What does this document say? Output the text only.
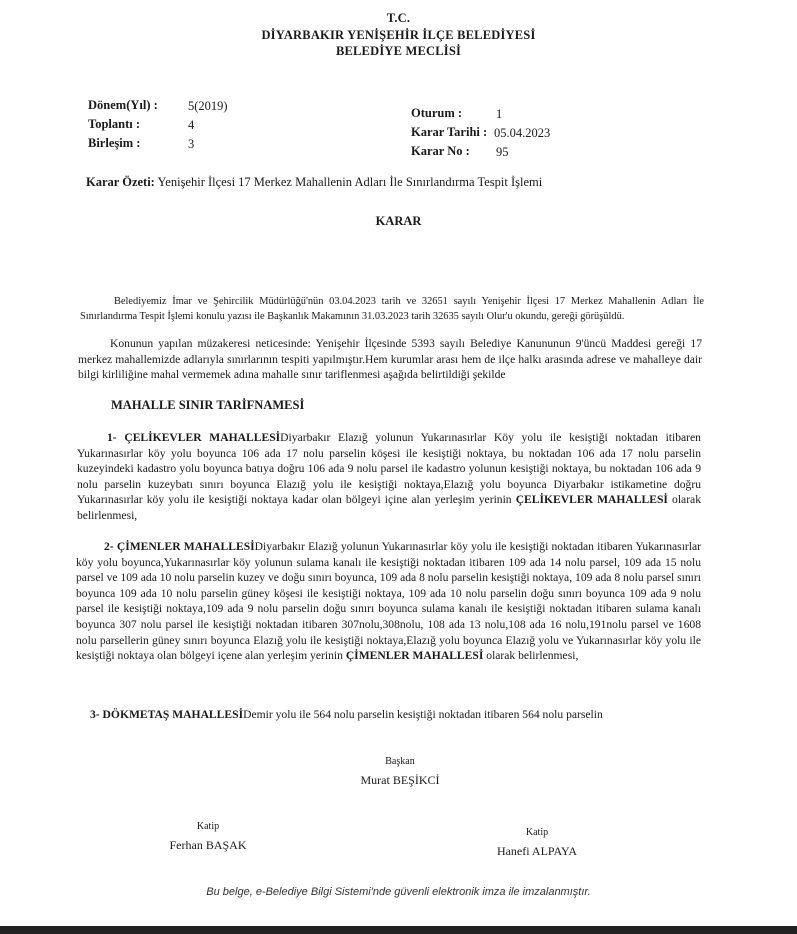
T.C.
DİYARBAKIR YENİŞEHİR İLÇE BELEDİYESİ
BELEDİYE MECLİSİ
Dönem(Yıl) : 5(2019)
Toplantı :	4
Birleşim :	3
Oturum :	1
Karar Tarihi : 05.04.2023
Karar No : 95
Karar Özeti: Yenişehir İlçesi 17 Merkez Mahallenin Adları İle Sınırlandırma Tespit İşlemi
KARAR
Belediyemiz İmar ve Şehircilik Müdürlüğü'nün 03.04.2023 tarih ve 32651 sayılı Yenişehir İlçesi 17 Merkez Mahallenin Adları İle Sınırlandırma Tespit İşlemi konulu yazısı ile Başkanlık Makamının 31.03.2023 tarih 32635 sayılı Olur'u okundu, gereği görüşüldü.
Konunun yapılan müzakeresi neticesinde: Yenişehir İlçesinde 5393 sayılı Belediye Kanununun 9'üncü Maddesi gereği 17 merkez mahallemizde adlarıyla sınırlarının tespiti yapılmıştır.Hem kurumlar arası hem de ilçe halkı arasında adrese ve mahalleye dair bilgi kirliliğine mahal vermemek adına mahalle sınır tariflenmesi aşağıda belirtildiği şekilde
MAHALLE SINIR TARİFNAMESİ
1- ÇELİKEVLER MAHALLESİDiyarbakır Elazığ yolunun Yukarınasırlar Köy yolu ile kesiştiği noktadan itibaren Yukarınasırlar köy yolu boyunca 106 ada 17 nolu parselin köşesi ile kesiştiği noktaya, bu noktadan 106 ada 17 nolu parselin kuzeyindeki kadastro yolu boyunca batıya doğru 106 ada 9 nolu parsel ile kadastro yolunun kesiştiği noktaya, bu noktadan 106 ada 9 nolu parselin kuzeybatı sınırı boyunca Elazığ yolu ile kesiştiği noktaya,Elazığ yolu boyunca Diyarbakır istikametine doğru Yukarınasırlar köy yolu ile kesiştiği noktaya kadar olan bölgeyi içine alan yerleşim yerinin ÇELİKEVLER MAHALLESİ olarak belirlenmesi,
2- ÇİMENLER MAHALLESİDiyarbakır Elazığ yolunun Yukarınasırlar köy yolu ile kesiştiği noktadan itibaren Yukarınasırlar köy yolu boyunca,Yukarınasırlar köy yolunun sulama kanalı ile kesiştiği noktadan itibaren 109 ada 14 nolu parsel, 109 ada 15 nolu parsel ve 109 ada 10 nolu parselin kuzey ve doğu sınırı boyunca, 109 ada 8 nolu parselin kesiştiği noktaya, 109 ada 8 nolu parsel sınırı boyunca 109 ada 10 nolu parselin güney köşesi ile kesiştiği noktaya, 109 ada 10 nolu parselin doğu sınırı boyunca 109 ada 9 nolu parsel ile kesiştiği noktaya,109 ada 9 nolu parselin doğu sınırı boyunca sulama kanalı ile kesiştiği noktadan itibaren sulama kanalı boyunca 307 nolu parsel ile kesiştiği noktadan itibaren 307nolu,308nolu, 108 ada 13 nolu,108 ada 16 nolu,191nolu parsel ve 1608 nolu parsellerin güney sınırı boyunca Elazığ yolu ile kesiştiği noktaya,Elazığ yolu boyunca Elazığ yolu ve Yukarınasırlar köy yolu ile kesiştiği noktaya olan bölgeyi içene alan yerleşim yerinin ÇİMENLER MAHALLESİ olarak belirlenmesi,
3- DÖKMETAŞ MAHALLESİDemir yolu ile 564 nolu parselin kesiştiği noktadan itibaren 564 nolu parselin
Başkan
Murat BEŞİKCİ
Katip
Ferhan BAŞAK
Katip
Hanefi ALPAYA
Bu belge, e-Belediye Bilgi Sistemi'nde güvenli elektronik imza ile imzalanmıştır.
